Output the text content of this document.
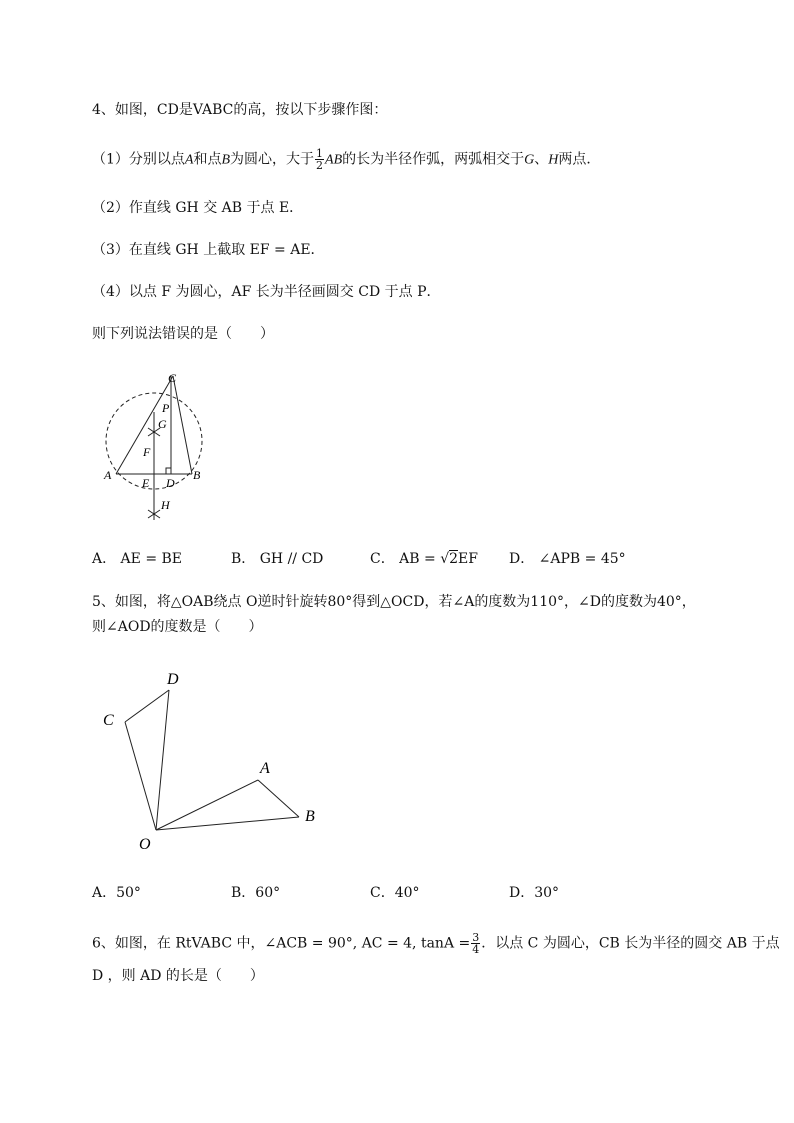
4、如图，CD是VABC的高，按以下步骤作图：
（1）分别以点A和点B为圆心，大于 $\frac{1}{2}$ AB的长为半径作弧，两弧相交于G、H两点．
（2）作直线 GH 交 AB 于点 E．
（3）在直线 GH 上截取 EF = AE．
（4）以点 F 为圆心，AF 长为半径画圆交 CD 于点 P．
则下列说法错误的是（　　）
C
P
G
F
A
E D
B
H
A． AE = BE	B． GH // CD	C． AB = √2EF D． ∠APB = 45°
5、如图，将△OAB绕点 O逆时针旋转80°得到△OCD，若∠A的度数为110°，∠D的度数为40°，
则∠AOD的度数是（　　）
D
C
A
B
O
A．50°	B．60°	C．40°	D．30°
6、如图，在 RtVABC 中，∠ACB = 90°, AC = 4, $\tan A = \frac{3}{4}$ ．以点 C 为圆心，CB 长为半径的圆交 AB 于点
D ，则 AD 的长是（　　）
